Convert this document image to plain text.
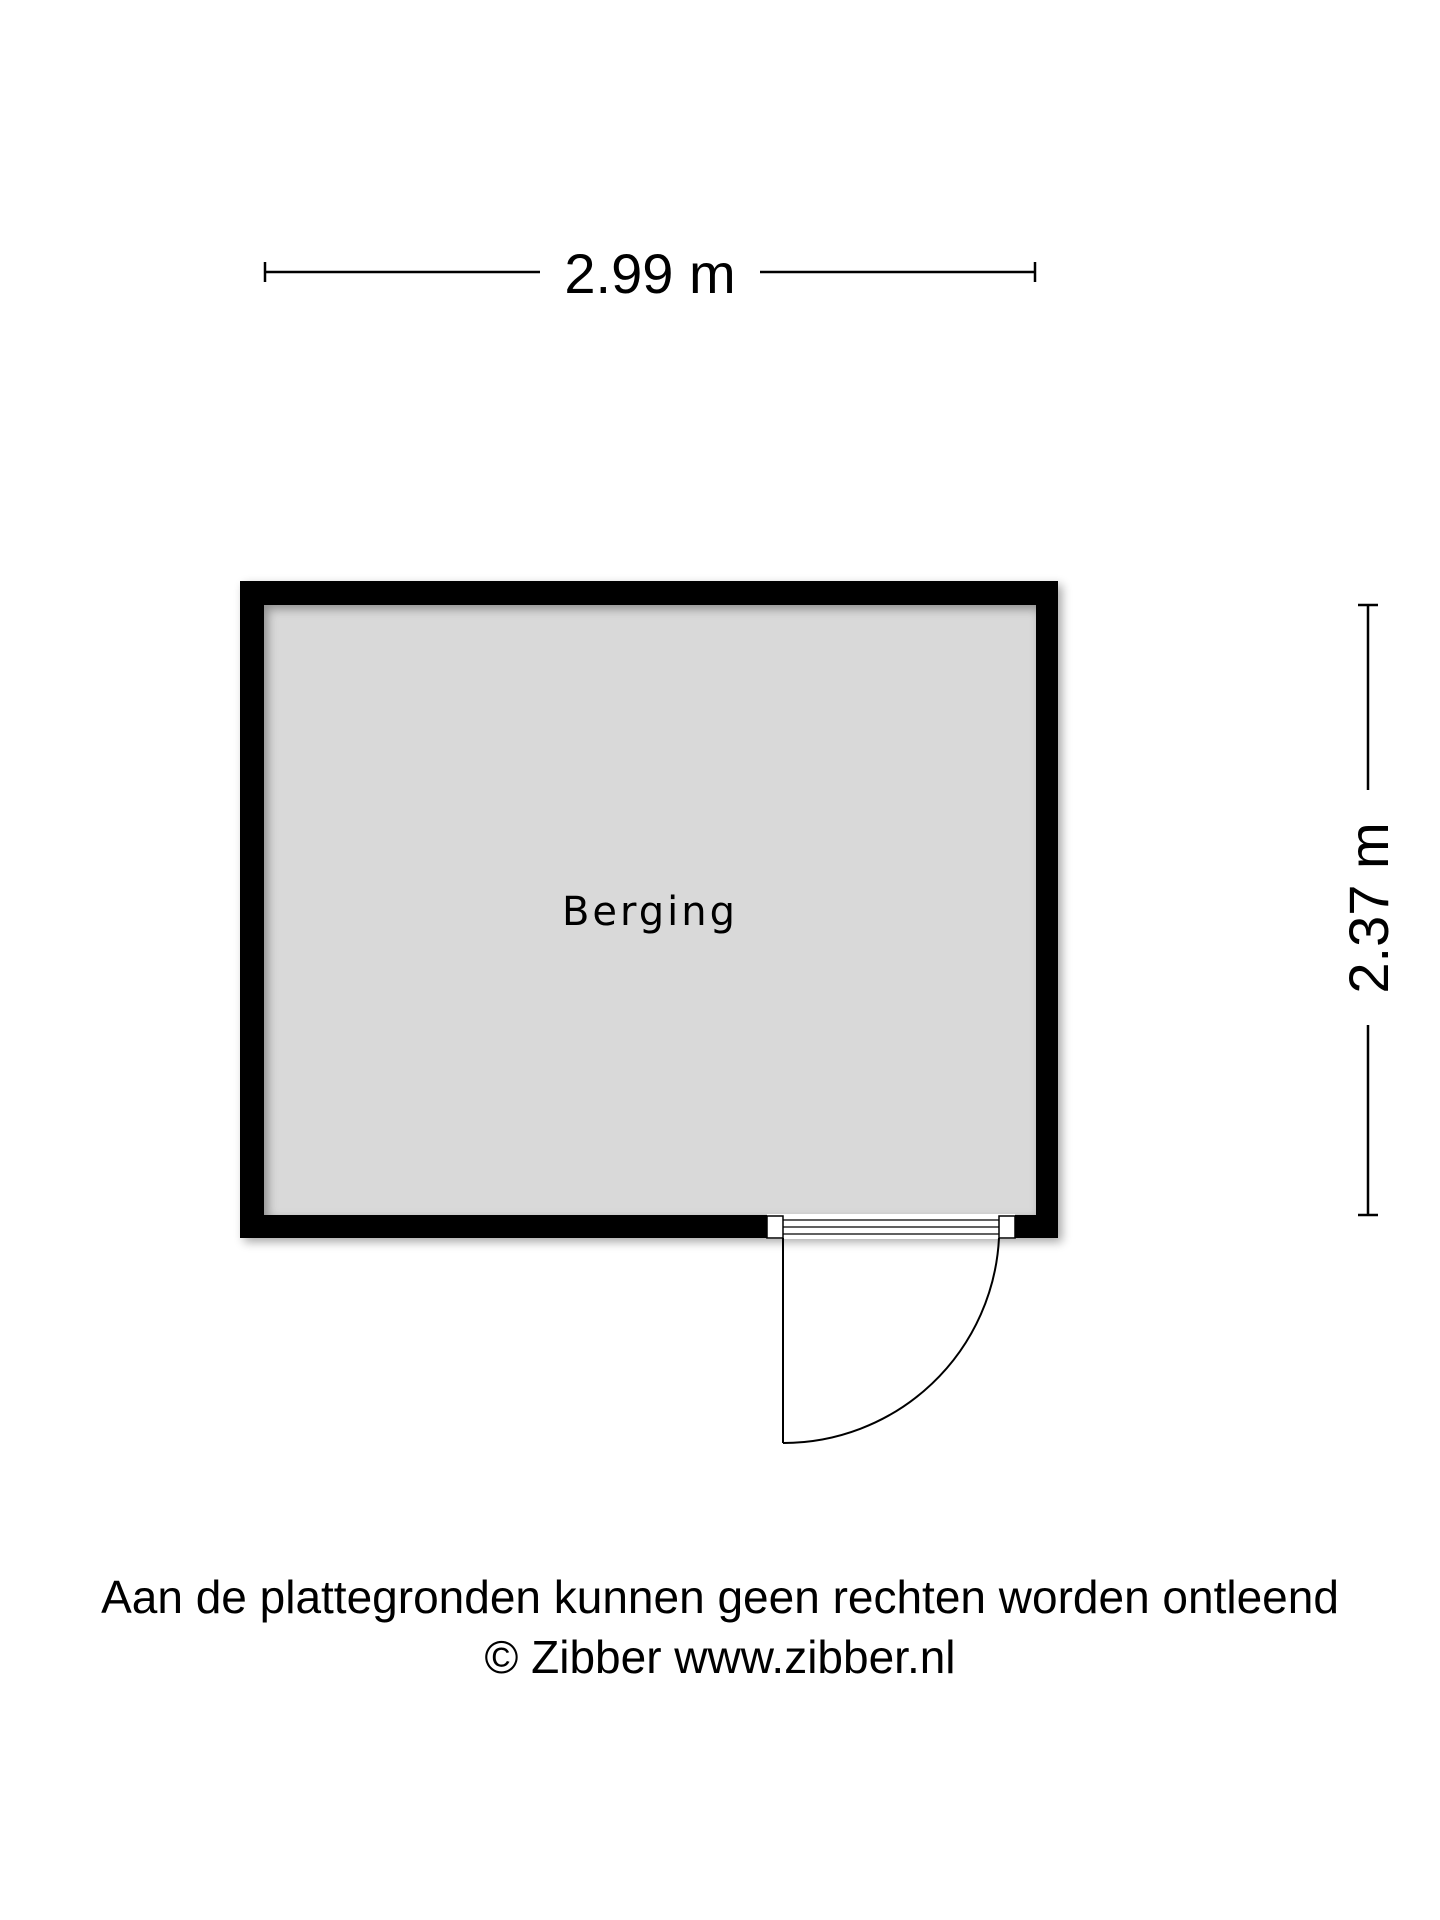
2.99 m
2.37 m
Berging
Aan de plattegronden kunnen geen rechten worden ontleend
© Zibber www.zibber.nl
